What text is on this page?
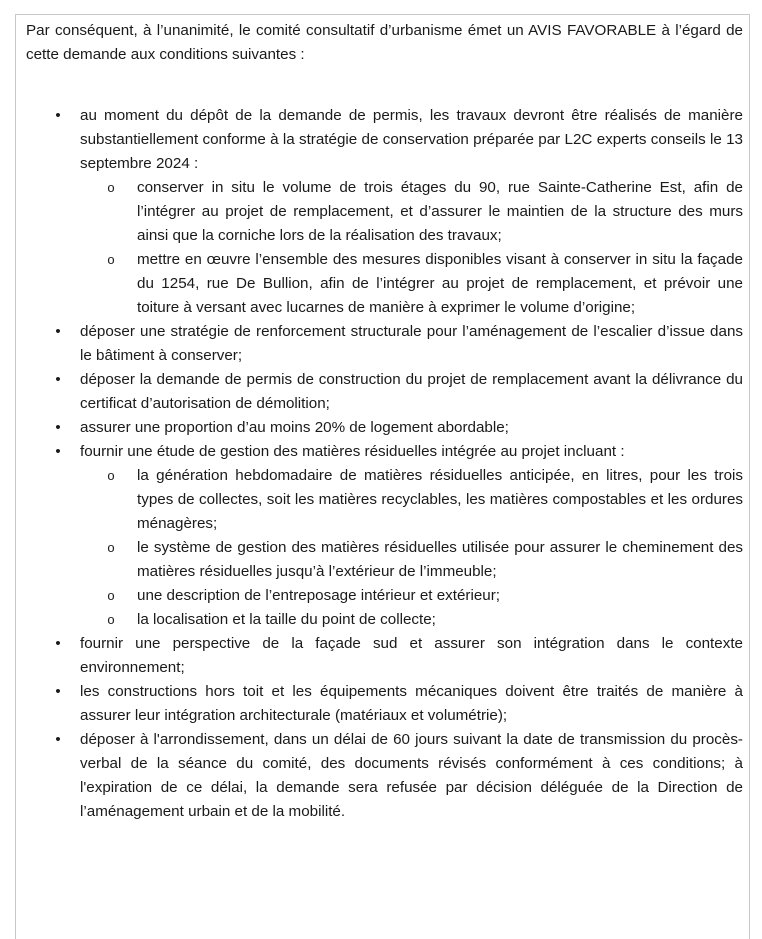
Par conséquent, à l’unanimité, le comité consultatif d’urbanisme émet un AVIS FAVORABLE à l’égard de cette demande aux conditions suivantes :

• au moment du dépôt de la demande de permis, les travaux devront être réalisés de manière substantiellement conforme à la stratégie de conservation préparée par L2C experts conseils le 13 septembre 2024 :
o conserver in situ le volume de trois étages du 90, rue Sainte-Catherine Est, afin de l’intégrer au projet de remplacement, et d’assurer le maintien de la structure des murs ainsi que la corniche lors de la réalisation des travaux;
o mettre en œuvre l’ensemble des mesures disponibles visant à conserver in situ la façade du 1254, rue De Bullion, afin de l’intégrer au projet de remplacement, et prévoir une toiture à versant avec lucarnes de manière à exprimer le volume d’origine;
• déposer une stratégie de renforcement structurale pour l’aménagement de l’escalier d’issue dans le bâtiment à conserver;
• déposer la demande de permis de construction du projet de remplacement avant la délivrance du certificat d’autorisation de démolition;
• assurer une proportion d’au moins 20% de logement abordable;
• fournir une étude de gestion des matières résiduelles intégrée au projet incluant :
o la génération hebdomadaire de matières résiduelles anticipée, en litres, pour les trois types de collectes, soit les matières recyclables, les matières compostables et les ordures ménagères;
o le système de gestion des matières résiduelles utilisée pour assurer le cheminement des matières résiduelles jusqu’à l’extérieur de l’immeuble;
o une description de l’entreposage intérieur et extérieur;
o la localisation et la taille du point de collecte;
• fournir une perspective de la façade sud et assurer son intégration dans le contexte environnement;
• les constructions hors toit et les équipements mécaniques doivent être traités de manière à assurer leur intégration architecturale (matériaux et volumétrie);
• déposer à l'arrondissement, dans un délai de 60 jours suivant la date de transmission du procès-verbal de la séance du comité, des documents révisés conformément à ces conditions; à l'expiration de ce délai, la demande sera refusée par décision déléguée de la Direction de l’aménagement urbain et de la mobilité.
